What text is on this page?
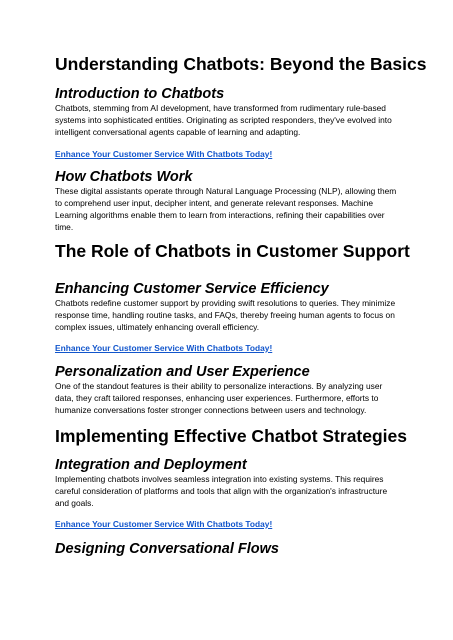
Understanding Chatbots: Beyond the Basics
Introduction to Chatbots
Chatbots, stemming from AI development, have transformed from rudimentary rule-based
systems into sophisticated entities. Originating as scripted responders, they've evolved into
intelligent conversational agents capable of learning and adapting.
Enhance Your Customer Service With Chatbots Today!
How Chatbots Work
These digital assistants operate through Natural Language Processing (NLP), allowing them
to comprehend user input, decipher intent, and generate relevant responses. Machine
Learning algorithms enable them to learn from interactions, refining their capabilities over
time.
The Role of Chatbots in Customer Support
Enhancing Customer Service Efficiency
Chatbots redefine customer support by providing swift resolutions to queries. They minimize
response time, handling routine tasks, and FAQs, thereby freeing human agents to focus on
complex issues, ultimately enhancing overall efficiency.
Enhance Your Customer Service With Chatbots Today!
Personalization and User Experience
One of the standout features is their ability to personalize interactions. By analyzing user
data, they craft tailored responses, enhancing user experiences. Furthermore, efforts to
humanize conversations foster stronger connections between users and technology.
Implementing Effective Chatbot Strategies
Integration and Deployment
Implementing chatbots involves seamless integration into existing systems. This requires
careful consideration of platforms and tools that align with the organization's infrastructure
and goals.
Enhance Your Customer Service With Chatbots Today!
Designing Conversational Flows
